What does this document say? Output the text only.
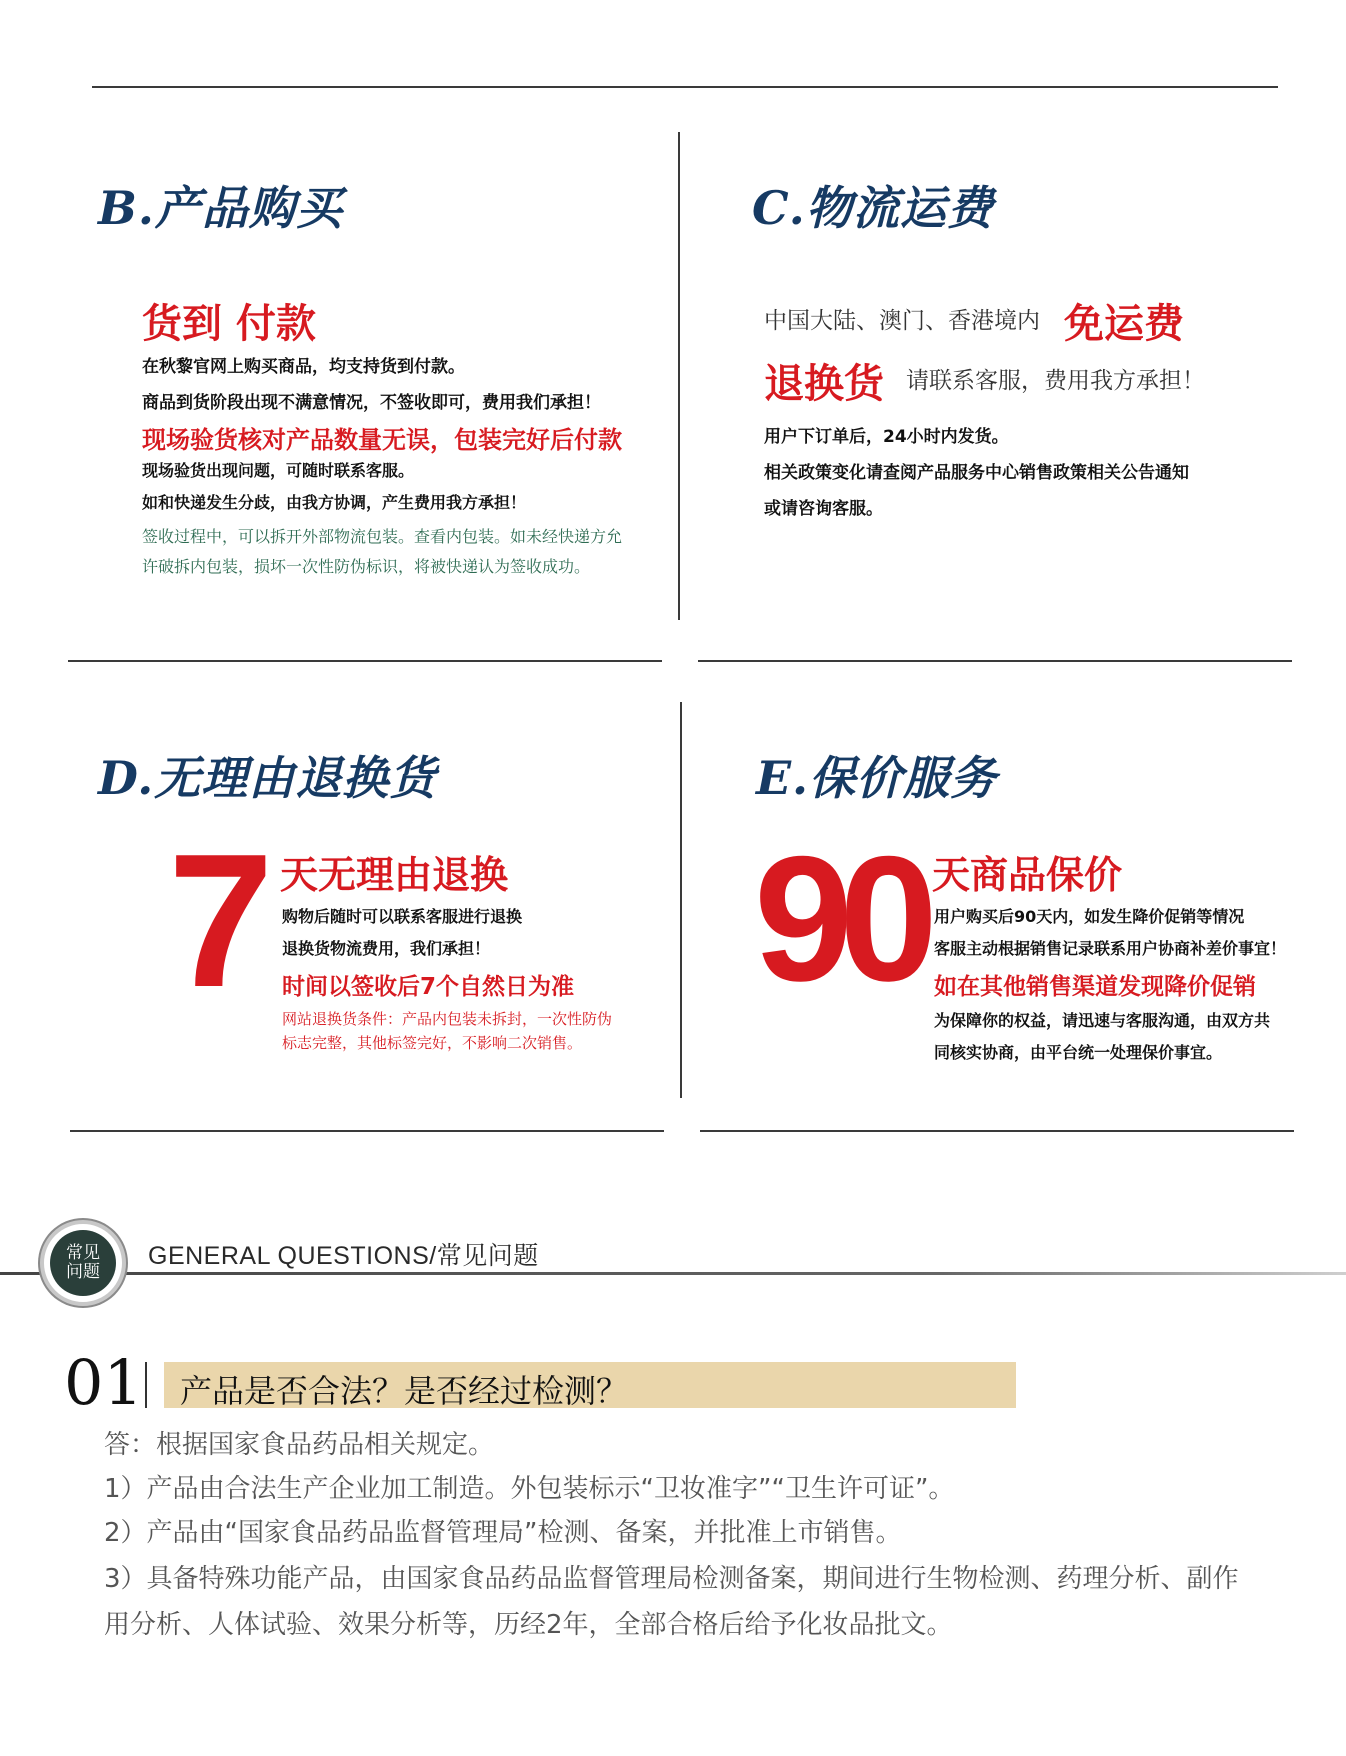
B.产品购买
货到 付款
在秋黎官网上购买商品，均支持货到付款。
商品到货阶段出现不满意情况，不签收即可，费用我们承担！
现场验货核对产品数量无误，包装完好后付款
现场验货出现问题，可随时联系客服。
如和快递发生分歧，由我方协调，产生费用我方承担！
签收过程中，可以拆开外部物流包装。查看内包装。如未经快递方允
许破拆内包装，损坏一次性防伪标识，将被快递认为签收成功。
C.物流运费
中国大陆、澳门、香港境内 免运费
退换货 请联系客服，费用我方承担！
用户下订单后，24小时内发货。
相关政策变化请查阅产品服务中心销售政策相关公告通知
或请咨询客服。
D.无理由退换货
7 天无理由退换
购物后随时可以联系客服进行退换
退换货物流费用，我们承担！
时间以签收后7个自然日为准
网站退换货条件：产品内包装未拆封，一次性防伪
标志完整，其他标签完好，不影响二次销售。
E.保价服务
90 天商品保价
用户购买后90天内，如发生降价促销等情况
客服主动根据销售记录联系用户协商补差价事宜！
如在其他销售渠道发现降价促销
为保障你的权益，请迅速与客服沟通，由双方共
同核实协商，由平台统一处理保价事宜。
常见
问题
GENERAL QUESTIONS/常见问题
01 产品是否合法？是否经过检测？
答：根据国家食品药品相关规定。
1）产品由合法生产企业加工制造。外包装标示“卫妆准字”“卫生许可证”。
2）产品由“国家食品药品监督管理局”检测、备案，并批准上市销售。
3）具备特殊功能产品，由国家食品药品监督管理局检测备案，期间进行生物检测、药理分析、副作
用分析、人体试验、效果分析等，历经2年，全部合格后给予化妆品批文。
